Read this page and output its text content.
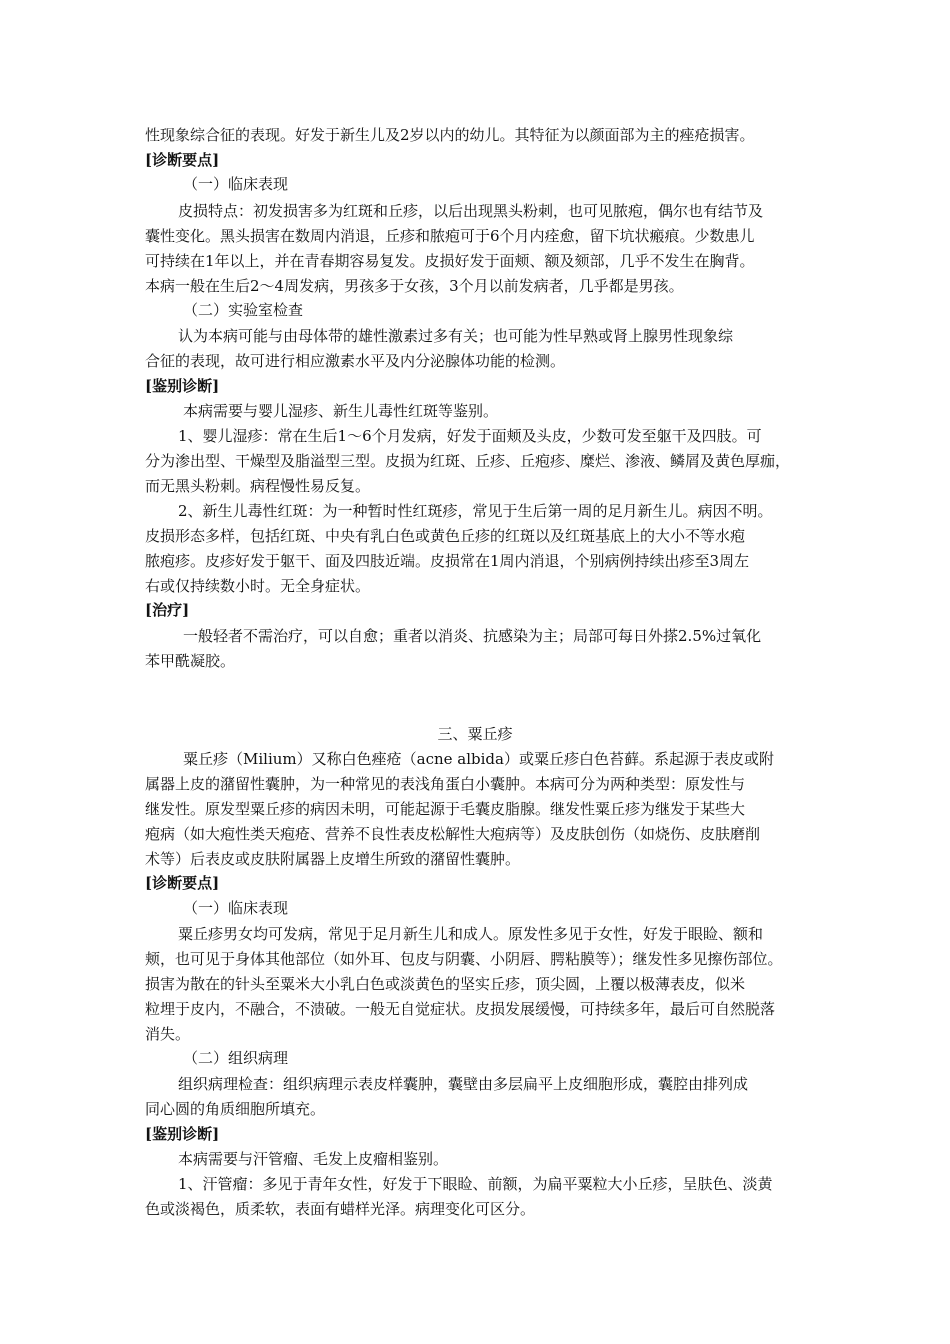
性现象综合征的表现。好发于新生儿及2岁以内的幼儿。其特征为以颜面部为主的痤疮损害。
[诊断要点]
（一）临床表现
皮损特点：初发损害多为红斑和丘疹，以后出现黑头粉刺，也可见脓疱，偶尔也有结节及
囊性变化。黑头损害在数周内消退，丘疹和脓疱可于6个月内痊愈，留下坑状瘢痕。少数患儿
可持续在1年以上，并在青春期容易复发。皮损好发于面颊、额及颏部，几乎不发生在胸背。
本病一般在生后2～4周发病，男孩多于女孩，3个月以前发病者，几乎都是男孩。
（二）实验室检查
认为本病可能与由母体带的雄性激素过多有关；也可能为性早熟或肾上腺男性现象综
合征的表现，故可进行相应激素水平及内分泌腺体功能的检测。
[鉴别诊断]
本病需要与婴儿湿疹、新生儿毒性红斑等鉴别。
1、婴儿湿疹：常在生后1～6个月发病，好发于面颊及头皮，少数可发至躯干及四肢。可
分为渗出型、干燥型及脂溢型三型。皮损为红斑、丘疹、丘疱疹、糜烂、渗液、鳞屑及黄色厚痂，
而无黑头粉刺。病程慢性易反复。
2、新生儿毒性红斑：为一种暂时性红斑疹，常见于生后第一周的足月新生儿。病因不明。
皮损形态多样，包括红斑、中央有乳白色或黄色丘疹的红斑以及红斑基底上的大小不等水疱
脓疱疹。皮疹好发于躯干、面及四肢近端。皮损常在1周内消退，个别病例持续出疹至3周左
右或仅持续数小时。无全身症状。
[治疗]
一般轻者不需治疗，可以自愈；重者以消炎、抗感染为主；局部可每日外搽2.5%过氧化
苯甲酰凝胶。
三、粟丘疹
粟丘疹（Milium）又称白色痤疮（acne albida）或粟丘疹白色苔藓。系起源于表皮或附
属器上皮的潴留性囊肿，为一种常见的表浅角蛋白小囊肿。本病可分为两种类型：原发性与
继发性。原发型粟丘疹的病因未明，可能起源于毛囊皮脂腺。继发性粟丘疹为继发于某些大
疱病（如大疱性类天疱疮、营养不良性表皮松解性大疱病等）及皮肤创伤（如烧伤、皮肤磨削
术等）后表皮或皮肤附属器上皮增生所致的潴留性囊肿。
[诊断要点]
（一）临床表现
粟丘疹男女均可发病，常见于足月新生儿和成人。原发性多见于女性，好发于眼睑、额和
颊，也可见于身体其他部位（如外耳、包皮与阴囊、小阴唇、腭粘膜等）；继发性多见擦伤部位。
损害为散在的针头至粟米大小乳白色或淡黄色的坚实丘疹，顶尖圆，上覆以极薄表皮，似米
粒埋于皮内，不融合，不溃破。一般无自觉症状。皮损发展缓慢，可持续多年，最后可自然脱落
消失。
（二）组织病理
组织病理检查：组织病理示表皮样囊肿，囊壁由多层扁平上皮细胞形成，囊腔由排列成
同心圆的角质细胞所填充。
[鉴别诊断]
本病需要与汗管瘤、毛发上皮瘤相鉴别。
1、汗管瘤：多见于青年女性，好发于下眼睑、前额，为扁平粟粒大小丘疹，呈肤色、淡黄
色或淡褐色，质柔软，表面有蜡样光泽。病理变化可区分。
